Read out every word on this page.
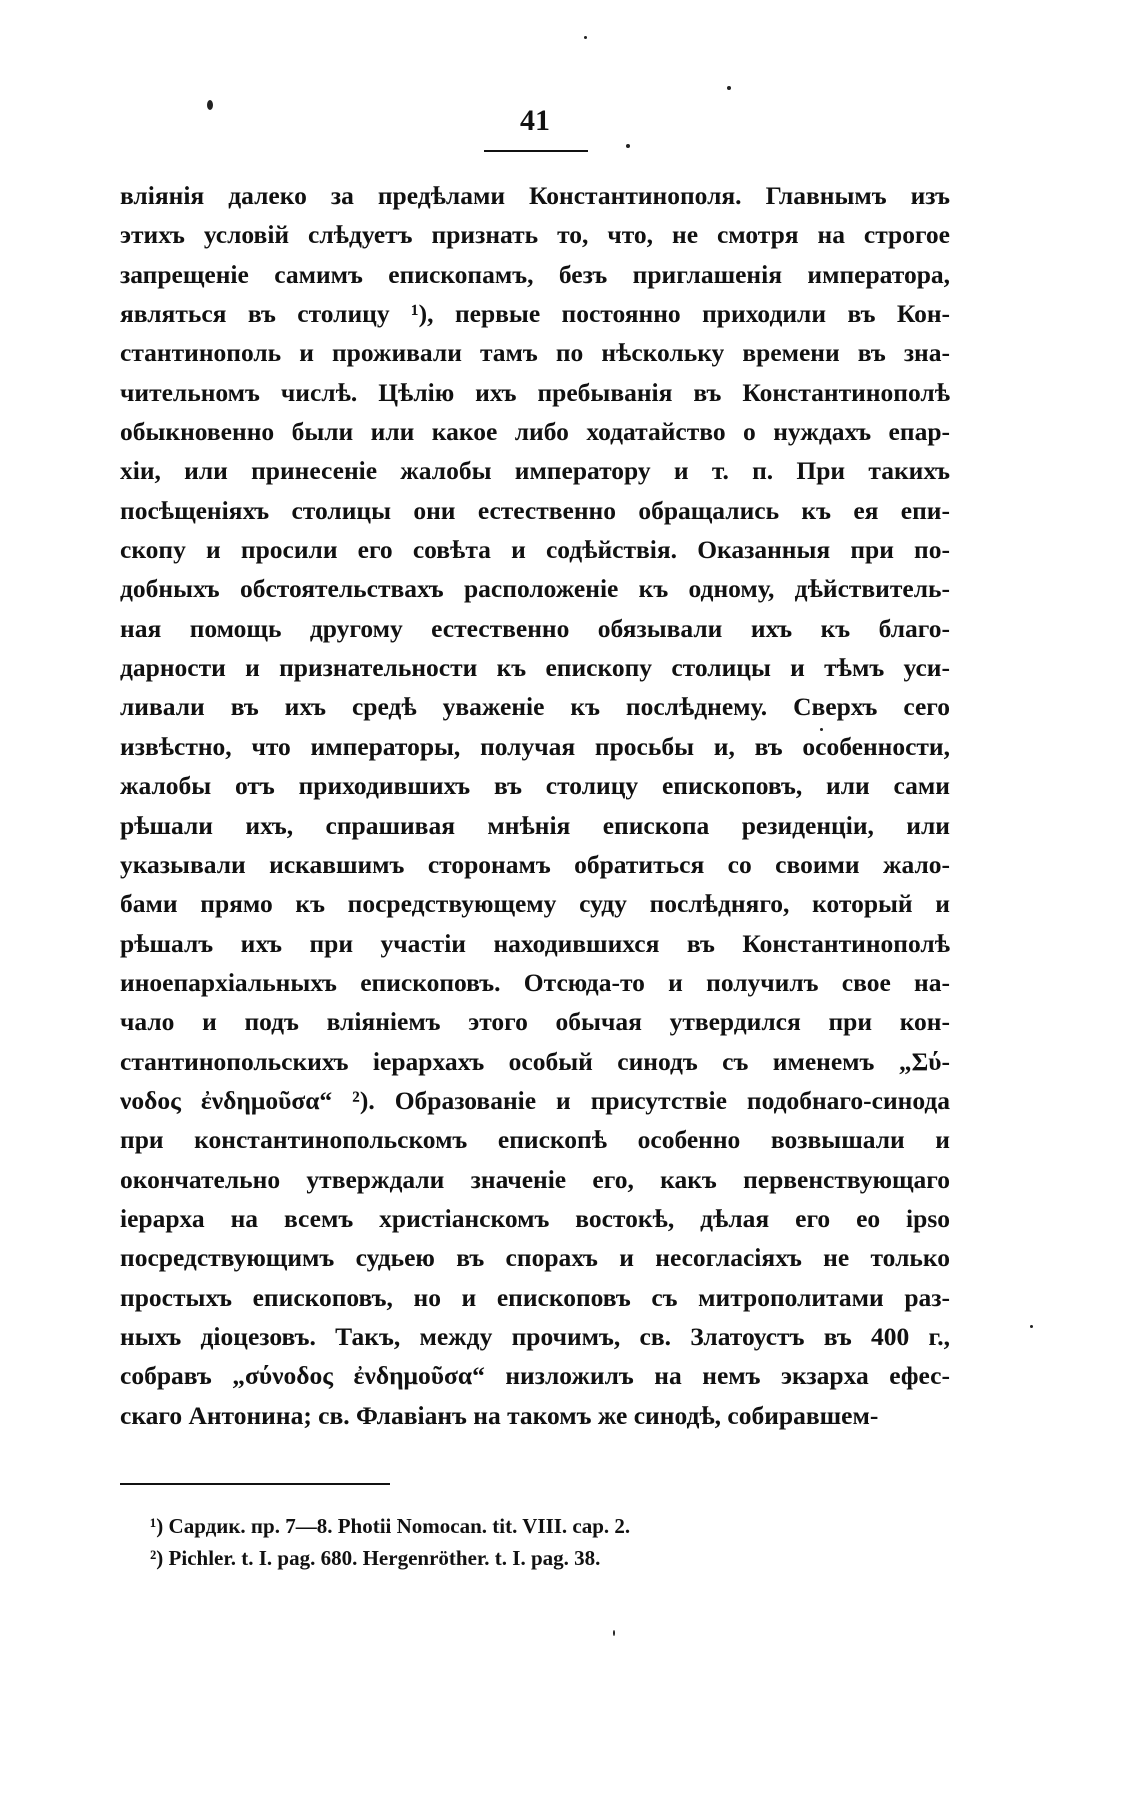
41
вліянія далеко за предѣлами Константинополя. Главнымъ изъ
этихъ условій слѣдуетъ признать то, что, не смотря на строгое
запрещеніе самимъ епископамъ, безъ приглашенія императора,
являться въ столицу ¹), первые постоянно приходили въ Кон-
стантинополь и проживали тамъ по нѣскольку времени въ зна-
чительномъ числѣ. Цѣлію ихъ пребыванія въ Константинополѣ
обыкновенно были или какое либо ходатайство о нуждахъ епар-
хіи, или принесеніе жалобы императору и т. п. При такихъ
посѣщеніяхъ столицы они естественно обращались къ ея епи-
скопу и просили его совѣта и содѣйствія. Оказанныя при по-
добныхъ обстоятельствахъ расположеніе къ одному, дѣйствитель-
ная помощь другому естественно обязывали ихъ къ благо-
дарности и признательности къ епископу столицы и тѣмъ уси-
ливали въ ихъ средѣ уваженіе къ послѣднему. Сверхъ сего
извѣстно, что императоры, получая просьбы и, въ особенности,
жалобы отъ приходившихъ въ столицу епископовъ, или сами
рѣшали ихъ, спрашивая мнѣнія епископа резиденціи, или
указывали искавшимъ сторонамъ обратиться со своими жало-
бами прямо къ посредствующему суду послѣдняго, который и
рѣшалъ ихъ при участіи находившихся въ Константинополѣ
иноепархіальныхъ епископовъ. Отсюда-то и получилъ свое на-
чало и подъ вліяніемъ этого обычая утвердился при кон-
стантинопольскихъ іерархахъ особый синодъ съ именемъ „Σύ-
νοδος ἐνδημοῦσα“ ²). Образованіе и присутствіе подобнаго-синода
при константинопольскомъ епископѣ особенно возвышали и
окончательно утверждали значеніе его, какъ первенствующаго
іерарха на всемъ христіанскомъ востокѣ, дѣлая его eo ipso
посредствующимъ судьею въ спорахъ и несогласіяхъ не только
простыхъ епископовъ, но и епископовъ съ митрополитами раз-
ныхъ діоцезовъ. Такъ, между прочимъ, св. Златоустъ въ 400 г.,
собравъ „σύνοδος ἐνδημοῦσα“ низложилъ на немъ экзарха ефес-
скаго Антонина; св. Флавіанъ на такомъ же синодѣ, собиравшем-
¹) Сардик. пр. 7—8. Photii Nomocan. tit. VIII. cap. 2.
²) Pichler. t. I. pag. 680. Hergenröther. t. I. pag. 38.
